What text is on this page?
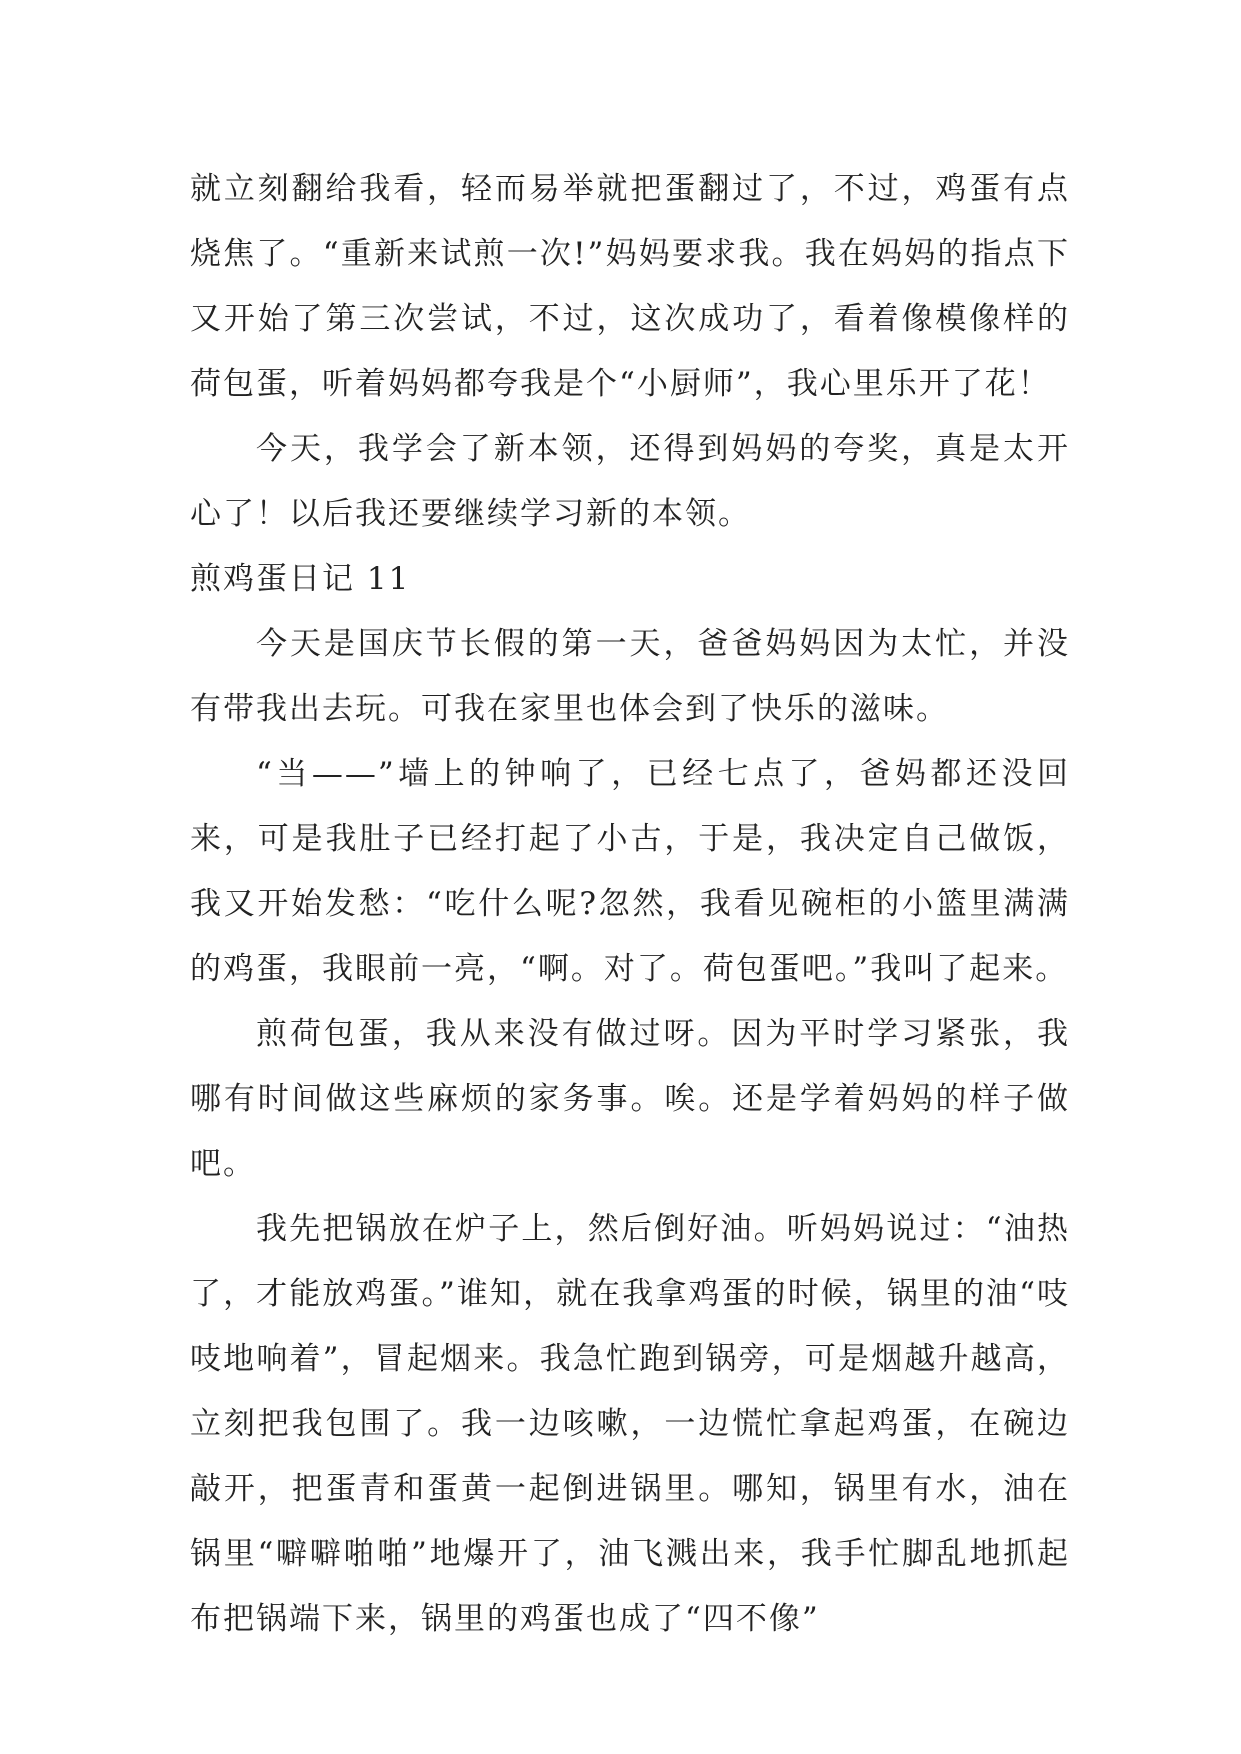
就立刻翻给我看，轻而易举就把蛋翻过了，不过，鸡蛋有点烧焦了。“重新来试煎一次!”妈妈要求我。我在妈妈的指点下又开始了第三次尝试，不过，这次成功了，看着像模像样的荷包蛋，听着妈妈都夸我是个“小厨师”，我心里乐开了花！

今天，我学会了新本领，还得到妈妈的夸奖，真是太开心了！以后我还要继续学习新的本领。

煎鸡蛋日记 11

今天是国庆节长假的第一天，爸爸妈妈因为太忙，并没有带我出去玩。可我在家里也体会到了快乐的滋味。

“当——”墙上的钟响了，已经七点了，爸妈都还没回来，可是我肚子已经打起了小古，于是，我决定自己做饭，我又开始发愁：“吃什么呢?忽然，我看见碗柜的小篮里满满的鸡蛋，我眼前一亮，“啊。对了。荷包蛋吧。”我叫了起来。

煎荷包蛋，我从来没有做过呀。因为平时学习紧张，我哪有时间做这些麻烦的家务事。唉。还是学着妈妈的样子做吧。

我先把锅放在炉子上，然后倒好油。听妈妈说过：“油热了，才能放鸡蛋。”谁知，就在我拿鸡蛋的时候，锅里的油“吱吱地响着”，冒起烟来。我急忙跑到锅旁，可是烟越升越高，立刻把我包围了。我一边咳嗽，一边慌忙拿起鸡蛋，在碗边敲开，把蛋青和蛋黄一起倒进锅里。哪知，锅里有水，油在锅里“噼噼啪啪”地爆开了，油飞溅出来，我手忙脚乱地抓起布把锅端下来，锅里的鸡蛋也成了“四不像”
